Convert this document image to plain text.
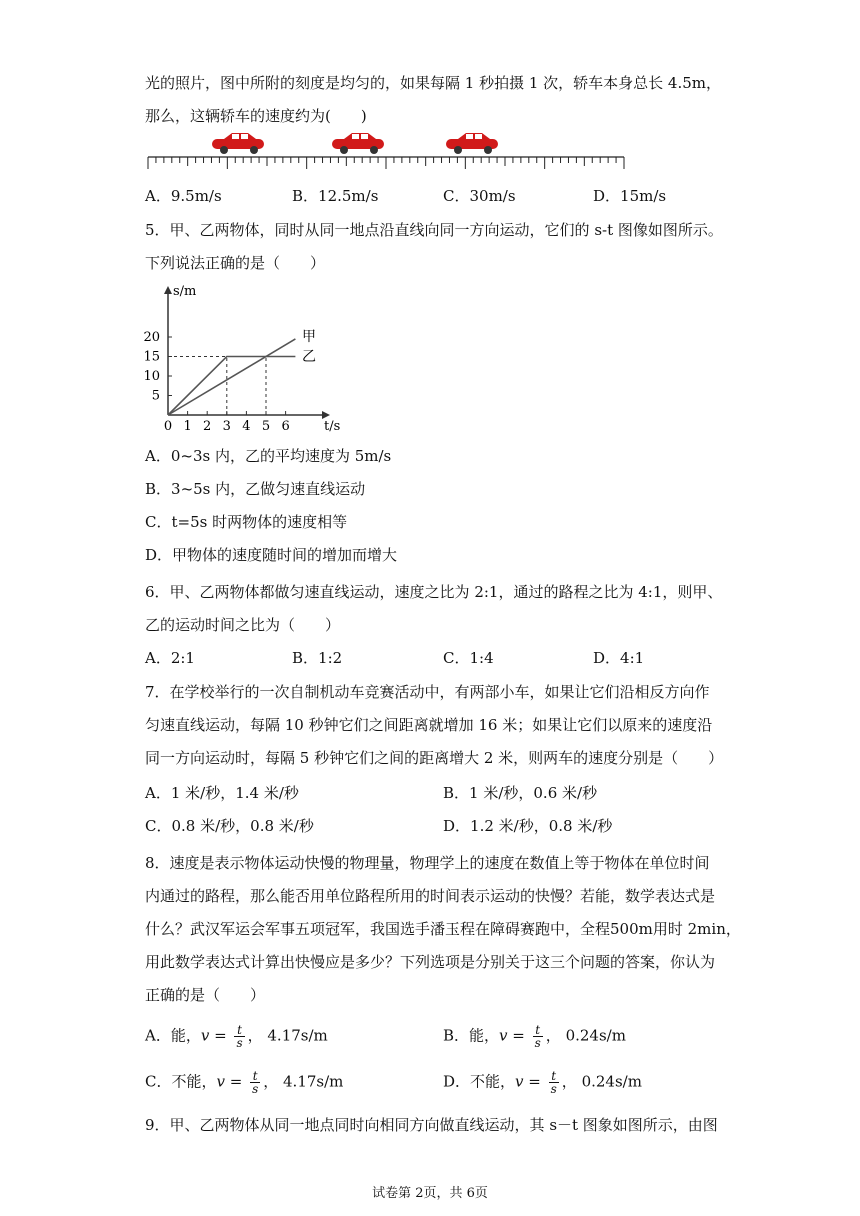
光的照片，图中所附的刻度是均匀的，如果每隔 1 秒拍摄 1 次，轿车本身总长 4.5m，
那么，这辆轿车的速度约为(　　)
A．9.5m/s	B．12.5m/s	C．30m/s	D．15m/s
5．甲、乙两物体，同时从同一地点沿直线向同一方向运动，它们的 s-t 图像如图所示。
下列说法正确的是（　　）
s/m
t/s
0 1 2 3 4 5 6
5
10
15
20	甲
乙
A．0~3s 内，乙的平均速度为 5m/s
B．3~5s 内，乙做匀速直线运动
C．t=5s 时两物体的速度相等
D．甲物体的速度随时间的增加而增大
6．甲、乙两物体都做匀速直线运动，速度之比为 2:1，通过的路程之比为 4:1，则甲、
乙的运动时间之比为（　　）
A．2:1	B．1:2	C．1:4	D．4:1
7．在学校举行的一次自制机动车竞赛活动中，有两部小车，如果让它们沿相反方向作
匀速直线运动，每隔 10 秒钟它们之间距离就增加 16 米；如果让它们以原来的速度沿
同一方向运动时，每隔 5 秒钟它们之间的距离增大 2 米，则两车的速度分别是（　　）
A．1 米/秒，1.4 米/秒	B．1 米/秒，0.6 米/秒
C．0.8 米/秒，0.8 米/秒	D．1.2 米/秒，0.8 米/秒
8．速度是表示物体运动快慢的物理量，物理学上的速度在数值上等于物体在单位时间
内通过的路程，那么能否用单位路程所用的时间表示运动的快慢？若能，数学表达式是
什么？武汉军运会军事五项冠军，我国选手潘玉程在障碍赛跑中，全程500m用时 2min，
用此数学表达式计算出快慢应是多少？下列选项是分别关于这三个问题的答案，你认为
正确的是（　　）
A．能，$v = \frac{t}{s}$ ， 4.17s/m	B．能，$v = \frac{t}{s}$ ， 0.24s/m
C．不能，$v = \frac{t}{s}$ ， 4.17s/m	D．不能，$v = \frac{t}{s}$ ， 0.24s/m
9．甲、乙两物体从同一地点同时向相同方向做直线运动，其 s－t 图象如图所示，由图
试卷第 2页，共 6页
